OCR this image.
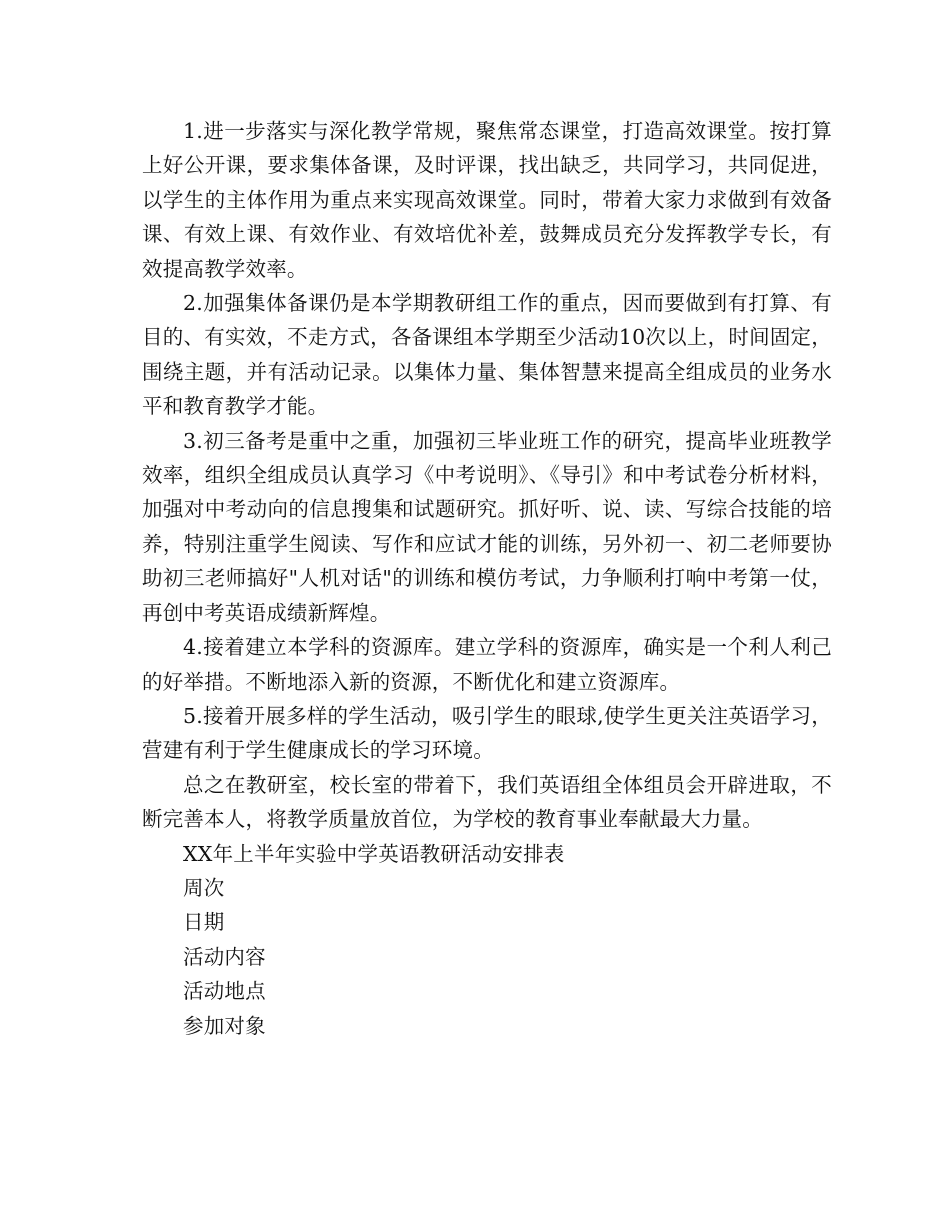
1.进一步落实与深化教学常规，聚焦常态课堂，打造高效课堂。按打算上好公开课，要求集体备课，及时评课，找出缺乏，共同学习，共同促进，以学生的主体作用为重点来实现高效课堂。同时，带着大家力求做到有效备课、有效上课、有效作业、有效培优补差，鼓舞成员充分发挥教学专长，有效提高教学效率。

2.加强集体备课仍是本学期教研组工作的重点，因而要做到有打算、有目的、有实效，不走方式，各备课组本学期至少活动10次以上，时间固定，围绕主题，并有活动记录。以集体力量、集体智慧来提高全组成员的业务水平和教育教学才能。

3.初三备考是重中之重，加强初三毕业班工作的研究，提高毕业班教学效率，组织全组成员认真学习《中考说明》、《导引》和中考试卷分析材料，加强对中考动向的信息搜集和试题研究。抓好听、说、读、写综合技能的培养，特别注重学生阅读、写作和应试才能的训练，另外初一、初二老师要协助初三老师搞好"人机对话"的训练和模仿考试，力争顺利打响中考第一仗，再创中考英语成绩新辉煌。

4.接着建立本学科的资源库。建立学科的资源库，确实是一个利人利己的好举措。不断地添入新的资源，不断优化和建立资源库。

5.接着开展多样的学生活动，吸引学生的眼球,使学生更关注英语学习，营建有利于学生健康成长的学习环境。

总之在教研室，校长室的带着下，我们英语组全体组员会开辟进取，不断完善本人，将教学质量放首位，为学校的教育事业奉献最大力量。

XX年上半年实验中学英语教研活动安排表

周次

日期

活动内容

活动地点

参加对象
